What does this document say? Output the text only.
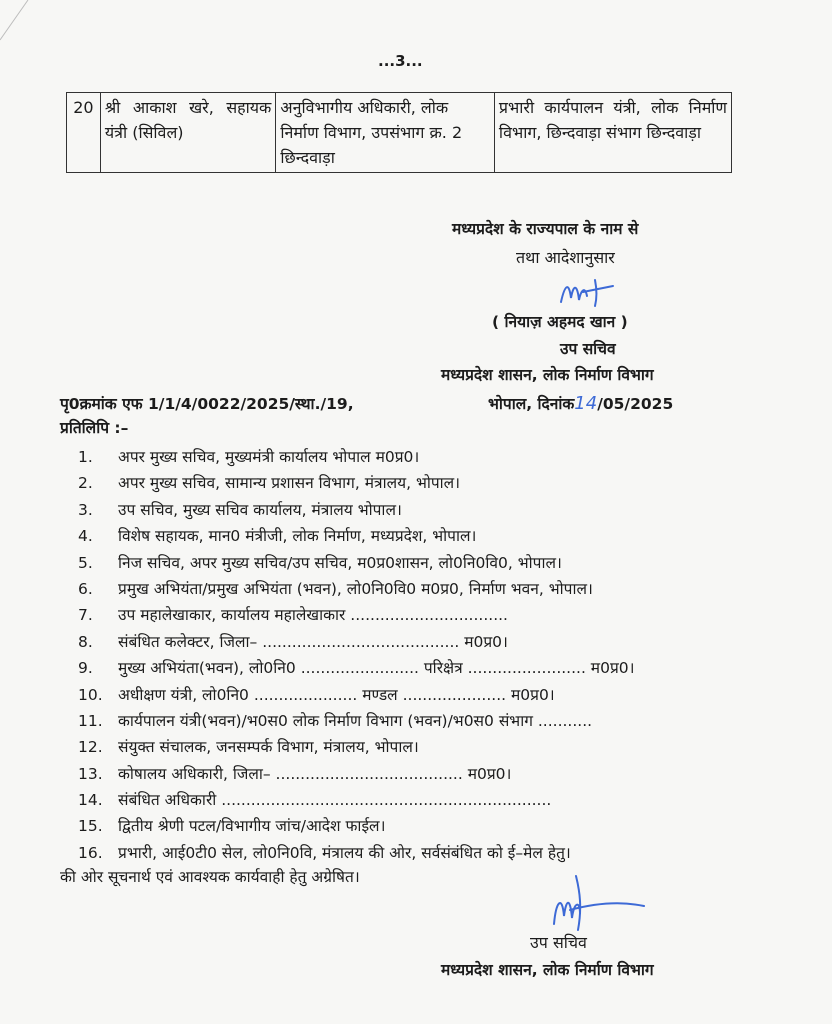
...3...
20	श्री आकाश खरे, सहायक यंत्री (सिविल)	अनुविभागीय अधिकारी, लोक निर्माण विभाग, उपसंभाग क्र. 2 छिन्दवाड़ा	प्रभारी कार्यपालन यंत्री, लोक निर्माण विभाग, छिन्दवाड़ा संभाग छिन्दवाड़ा
मध्यप्रदेश के राज्यपाल के नाम से
तथा आदेशानुसार
( नियाज़ अहमद खान )
उप सचिव
मध्यप्रदेश शासन, लोक निर्माण विभाग
पृ0क्रमांक एफ 1/1/4/0022/2025/स्था./19,	भोपाल, दिनांक14/05/2025
प्रतिलिपि :–
1. अपर मुख्य सचिव, मुख्यमंत्री कार्यालय भोपाल म0प्र0।
2. अपर मुख्य सचिव, सामान्य प्रशासन विभाग, मंत्रालय, भोपाल।
3. उप सचिव, मुख्य सचिव कार्यालय, मंत्रालय भोपाल।
4. विशेष सहायक, मान0 मंत्रीजी, लोक निर्माण, मध्यप्रदेश, भोपाल।
5. निज सचिव, अपर मुख्य सचिव/उप सचिव, म0प्र0शासन, लो0नि0वि0, भोपाल।
6. प्रमुख अभियंता/प्रमुख अभियंता (भवन), लो0नि0वि0 म0प्र0, निर्माण भवन, भोपाल।
7. उप महालेखाकार, कार्यालय महालेखाकार ................................
8. संबंधित कलेक्टर, जिला– ........................................ म0प्र0।
9. मुख्य अभियंता(भवन), लो0नि0 ........................ परिक्षेत्र ........................ म0प्र0।
10. अधीक्षण यंत्री, लो0नि0 ..................... मण्डल ..................... म0प्र0।
11. कार्यपालन यंत्री(भवन)/भ0स0 लोक निर्माण विभाग (भवन)/भ0स0 संभाग ...........
12. संयुक्त संचालक, जनसम्पर्क विभाग, मंत्रालय, भोपाल।
13. कोषालय अधिकारी, जिला– ...................................... म0प्र0।
14. संबंधित अधिकारी ...................................................................
15. द्वितीय श्रेणी पटल/विभागीय जांच/आदेश फाईल।
16. प्रभारी, आई0टी0 सेल, लो0नि0वि, मंत्रालय की ओर, सर्वसंबंधित को ई–मेल हेतु।
की ओर सूचनार्थ एवं आवश्यक कार्यवाही हेतु अग्रेषित।
उप सचिव
मध्यप्रदेश शासन, लोक निर्माण विभाग
